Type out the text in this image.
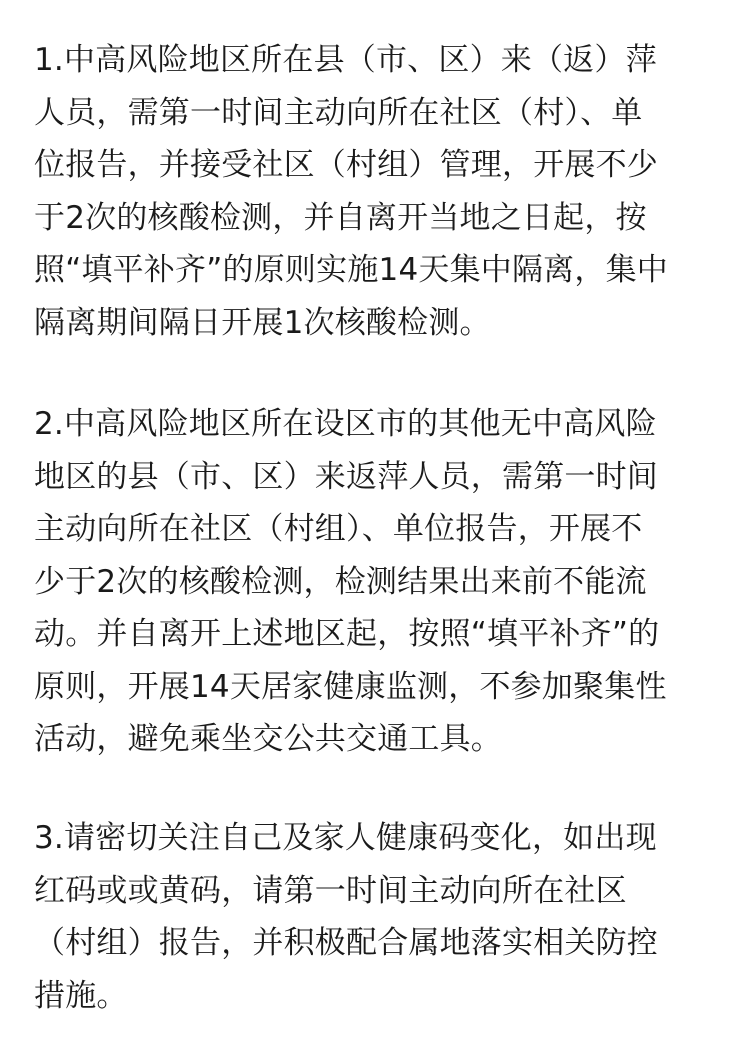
1.中高风险地区所在县（市、区）来（返）萍
人员，需第一时间主动向所在社区（村）、单
位报告，并接受社区（村组）管理，开展不少
于2次的核酸检测，并自离开当地之日起，按
照“填平补齐”的原则实施14天集中隔离，集中
隔离期间隔日开展1次核酸检测。
2.中高风险地区所在设区市的其他无中高风险
地区的县（市、区）来返萍人员，需第一时间
主动向所在社区（村组）、单位报告，开展不
少于2次的核酸检测，检测结果出来前不能流
动。并自离开上述地区起，按照“填平补齐”的
原则，开展14天居家健康监测，不参加聚集性
活动，避免乘坐交公共交通工具。
3.请密切关注自己及家人健康码变化，如出现
红码或或黄码，请第一时间主动向所在社区
（村组）报告，并积极配合属地落实相关防控
措施。
